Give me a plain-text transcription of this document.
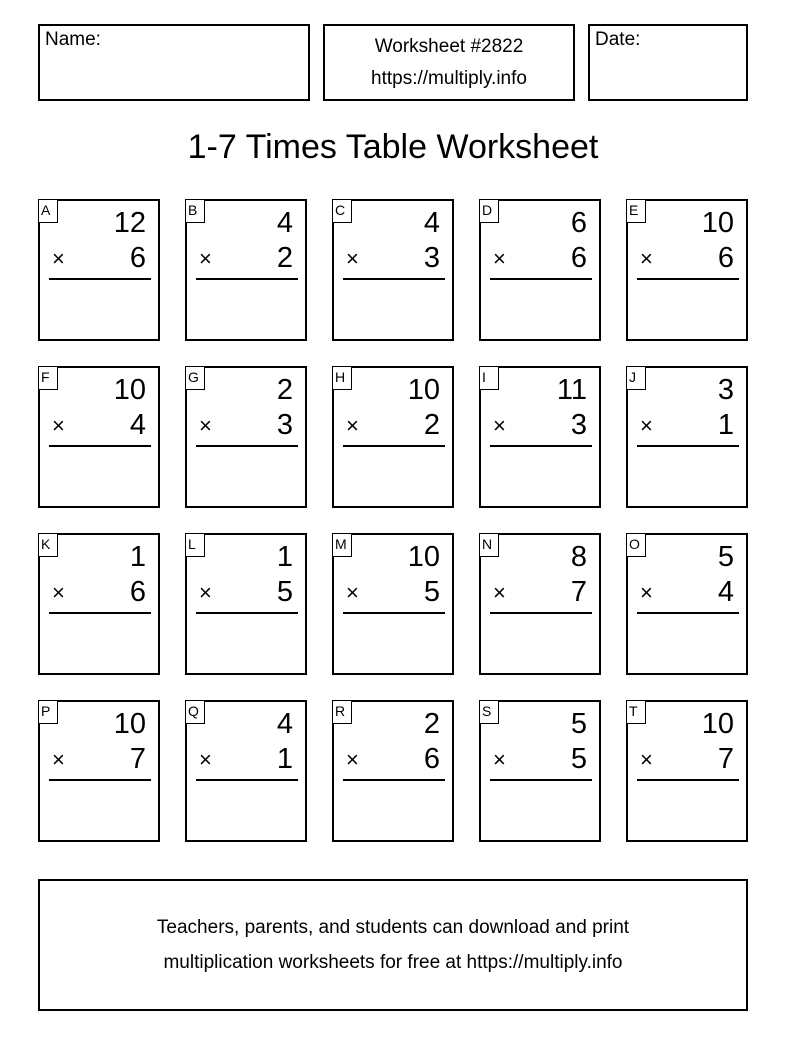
Name:	Worksheet #2822
https://multiply.info
Date:
1-7 Times Table Worksheet
A 12
× 6
B	4
× 2
C	4
× 3
D	6
× 6
E 10
× 6
F 10
× 4
G	2
× 3
H 10
× 2
I	11
× 3
J	3
× 1
K	1
× 6
L	1
× 5
M 10
× 5
N	8
× 7
O	5
× 4
P 10
× 7
Q	4
× 1
R	2
× 6
S	5
× 5
T 10
× 7
Teachers, parents, and students can download and print
multiplication worksheets for free at https://multiply.info
